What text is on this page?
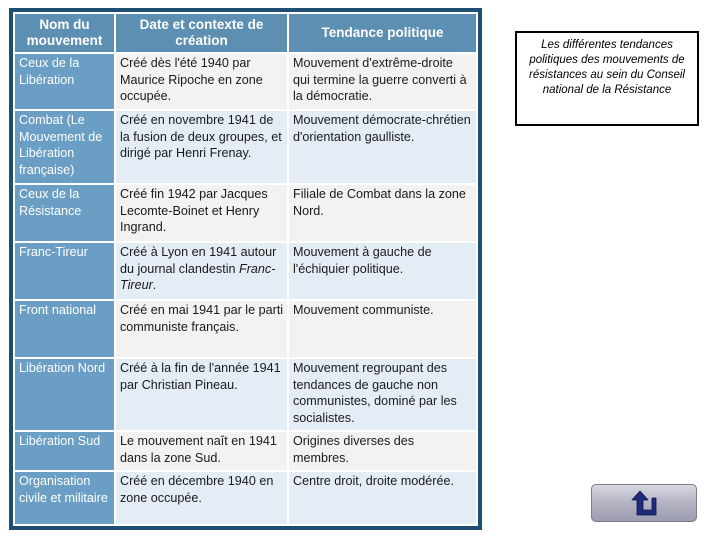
Nom du mouvement	Date et contexte de création	Tendance politique
Ceux de la Libération	Créé dès l'été 1940 par Maurice Ripoche en zone occupée.	Mouvement d'extrême-droite qui termine la guerre converti à la démocratie.
Combat (Le Mouvement de Libération française)	Créé en novembre 1941 de la fusion de deux groupes, et dirigé par Henri Frenay.	Mouvement démocrate-chrétien d'orientation gaulliste.
Ceux de la Résistance	Créé fin 1942 par Jacques Lecomte-Boinet et Henry Ingrand.	Filiale de Combat dans la zone Nord.
Franc-Tireur	Créé à Lyon en 1941 autour du journal clandestin Franc-Tireur.	Mouvement à gauche de l'échiquier politique.
Front national	Créé en mai 1941 par le parti communiste français.	Mouvement communiste.
Libération Nord	Créé à la fin de l'année 1941 par Christian Pineau.	Mouvement regroupant des tendances de gauche non communistes, dominé par les socialistes.
Libération Sud	Le mouvement naît en 1941 dans la zone Sud.	Origines diverses des membres.
Organisation civile et militaire	Créé en décembre 1940 en zone occupée.	Centre droit, droite modérée.
Les différentes tendances politiques des mouvements de résistances au sein du Conseil national de la Résistance
